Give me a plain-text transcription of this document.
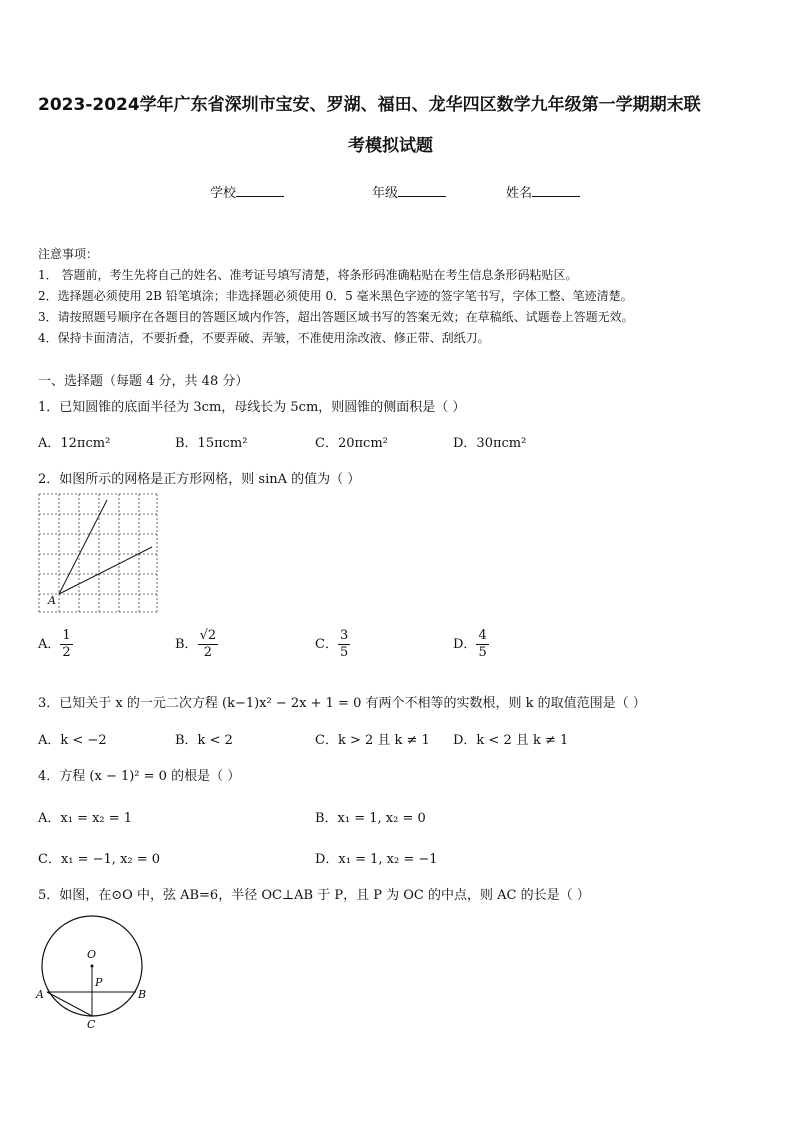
2023-2024学年广东省深圳市宝安、罗湖、福田、龙华四区数学九年级第一学期期末联
考模拟试题
学校	年级	姓名
注意事项：
1． 答题前，考生先将自己的姓名、准考证号填写清楚，将条形码准确粘贴在考生信息条形码粘贴区。
2．选择题必须使用 2B 铅笔填涂；非选择题必须使用 0．5 毫米黑色字迹的签字笔书写，字体工整、笔迹清楚。
3．请按照题号顺序在各题目的答题区域内作答，超出答题区域书写的答案无效；在草稿纸、试题卷上答题无效。
4．保持卡面清洁，不要折叠，不要弄破、弄皱，不准使用涂改液、修正带、刮纸刀。
一、选择题（每题 4 分，共 48 分）
1．已知圆锥的底面半径为 3cm，母线长为 5cm，则圆锥的侧面积是（ ）
A．12πcm²	B．15πcm²	C．20πcm²	D．30πcm²
2．如图所示的网格是正方形网格，则 sinA 的值为（ ）
A
A． $\frac{1}{2}$	B． $\frac{√2}{2}$	C． $\frac{3}{5}$	D． $\frac{4}{5}$
3．已知关于 x 的一元二次方程 (k−1)x² − 2x + 1 = 0 有两个不相等的实数根，则 k 的取值范围是（ ）
A．k < −2	B．k < 2	C．k > 2 且 k ≠ 1 D．k < 2 且 k ≠ 1
4．方程 (x − 1)² = 0 的根是（ ）
A．x₁ = x₂ = 1	B．x₁ = 1, x₂ = 0
C．x₁ = −1, x₂ = 0	D．x₁ = 1, x₂ = −1
5．如图，在⊙O 中，弦 AB=6，半径 OC⊥AB 于 P，且 P 为 OC 的中点，则 AC 的长是（ ）
O
P
A	B
C
